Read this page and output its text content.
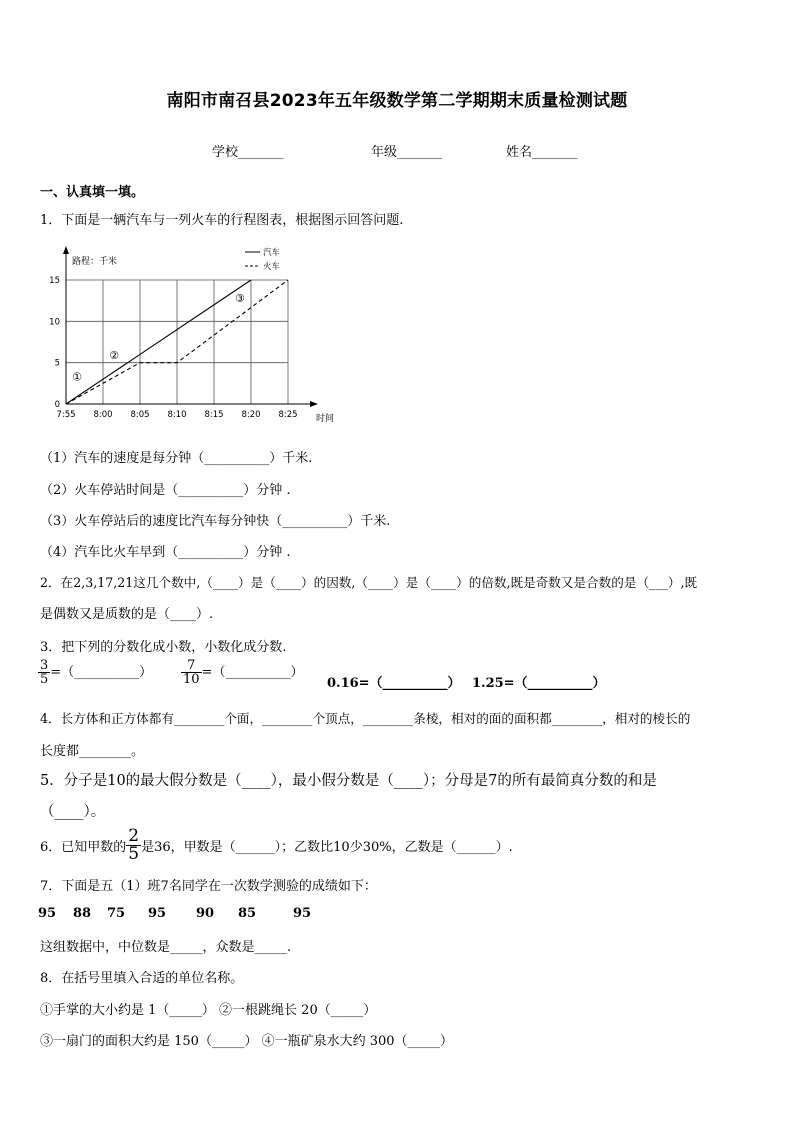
南阳市南召县2023年五年级数学第二学期期末质量检测试题
学校_______	年级_______	姓名_______
一、认真填一填。
1．下面是一辆汽车与一列火车的行程图表，根据图示回答问题.
7:55 8:00 8:05 8:10 8:15 8:20 8:25
0
5
10
15
①
②
③
汽车
火车
路程：千米
时间
（1）汽车的速度是每分钟（__________）千米.
（2）火车停站时间是（__________）分钟 .
（3）火车停站后的速度比汽车每分钟快（__________）千米.
（4）汽车比火车早到（__________）分钟 .
2．在2,3,17,21这几个数中,（____）是（____）的因数,（____）是（____）的倍数,既是奇数又是合数的是（___）,既
是偶数又是质数的是（____）.
3．把下列的分数化成小数，小数化成分数.
$\frac{3}{5}$ =（__________） $\frac{7}{10}$ =（__________）
0.16=（__________） 1.25=（__________）
4．长方体和正方体都有________个面，________个顶点，________条棱，相对的面的面积都________，相对的棱长的
长度都________。
5．分子是10的最大假分数是（____），最小假分数是（____）；分母是7的所有最简真分数的和是
（____）。
6．已知甲数的 $\frac{2}{5}$ 是36，甲数是（______）；乙数比10少30%，乙数是（______）.
7．下面是五（1）班7名同学在一次数学测验的成绩如下：
95 88 75 95 90 85	95
这组数据中，中位数是_____，众数是_____.
8．在括号里填入合适的单位名称。
①手掌的大小约是 1（_____） ②一根跳绳长 20（_____）
③一扇门的面积大约是 150（_____） ④一瓶矿泉水大约 300（_____）
